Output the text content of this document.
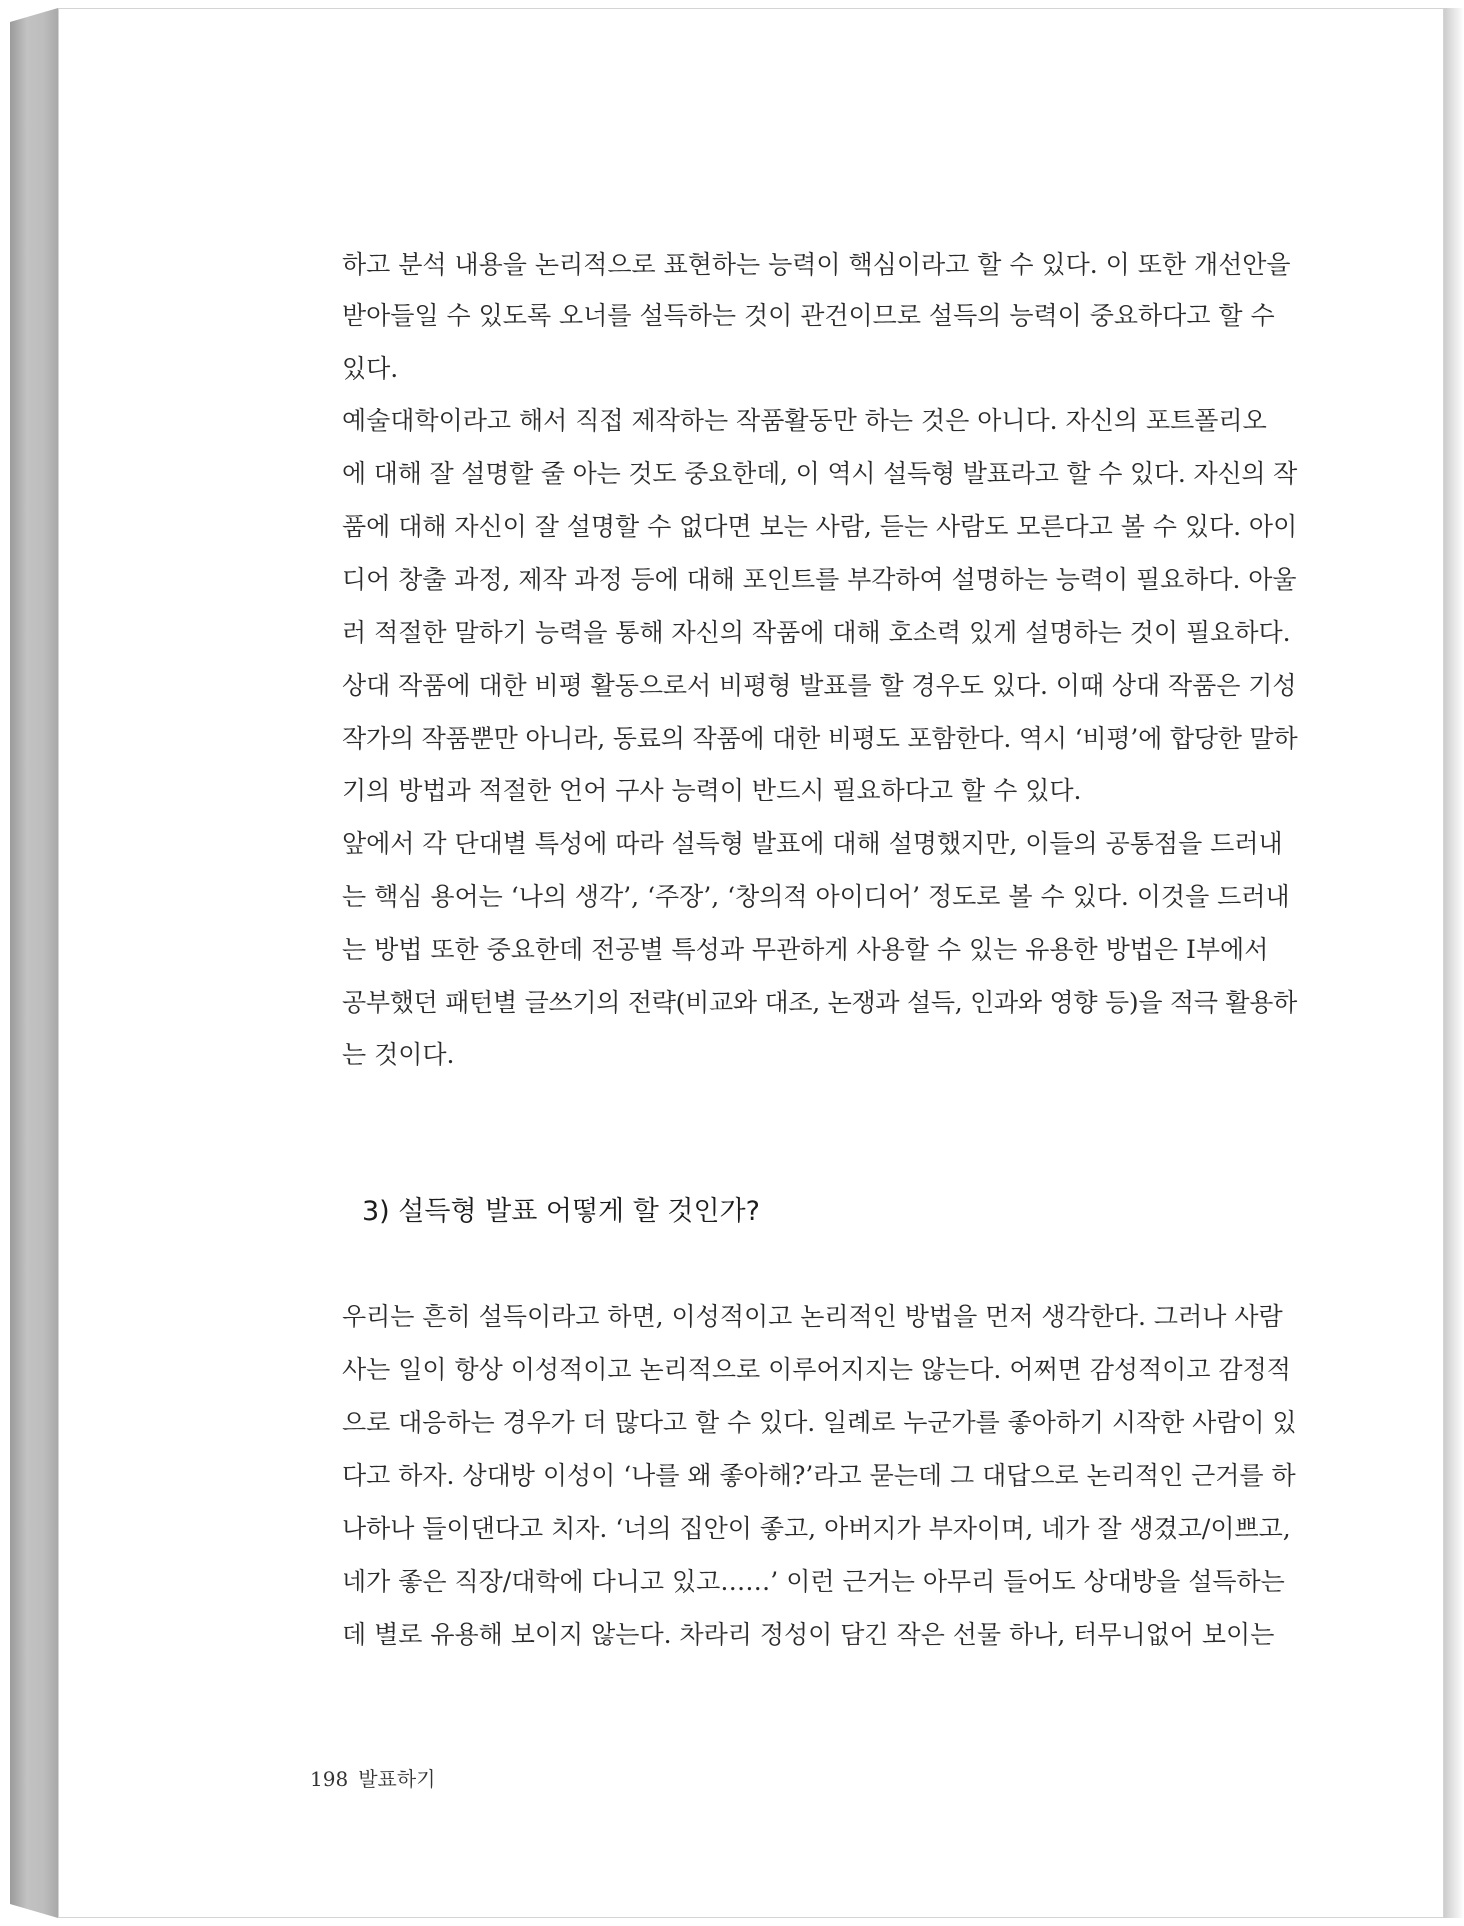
하고 분석 내용을 논리적으로 표현하는 능력이 핵심이라고 할 수 있다. 이 또한 개선안을
받아들일 수 있도록 오너를 설득하는 것이 관건이므로 설득의 능력이 중요하다고 할 수
있다.
예술대학이라고 해서 직접 제작하는 작품활동만 하는 것은 아니다. 자신의 포트폴리오
에 대해 잘 설명할 줄 아는 것도 중요한데, 이 역시 설득형 발표라고 할 수 있다. 자신의 작
품에 대해 자신이 잘 설명할 수 없다면 보는 사람, 듣는 사람도 모른다고 볼 수 있다. 아이
디어 창출 과정, 제작 과정 등에 대해 포인트를 부각하여 설명하는 능력이 필요하다. 아울
러 적절한 말하기 능력을 통해 자신의 작품에 대해 호소력 있게 설명하는 것이 필요하다.
상대 작품에 대한 비평 활동으로서 비평형 발표를 할 경우도 있다. 이때 상대 작품은 기성
작가의 작품뿐만 아니라, 동료의 작품에 대한 비평도 포함한다. 역시 ‘비평’에 합당한 말하
기의 방법과 적절한 언어 구사 능력이 반드시 필요하다고 할 수 있다.
앞에서 각 단대별 특성에 따라 설득형 발표에 대해 설명했지만, 이들의 공통점을 드러내
는 핵심 용어는 ‘나의 생각’, ‘주장’, ‘창의적 아이디어’ 정도로 볼 수 있다. 이것을 드러내
는 방법 또한 중요한데 전공별 특성과 무관하게 사용할 수 있는 유용한 방법은 Ⅰ부에서
공부했던 패턴별 글쓰기의 전략(비교와 대조, 논쟁과 설득, 인과와 영향 등)을 적극 활용하
는 것이다.
3) 설득형 발표 어떻게 할 것인가?
우리는 흔히 설득이라고 하면, 이성적이고 논리적인 방법을 먼저 생각한다. 그러나 사람
사는 일이 항상 이성적이고 논리적으로 이루어지지는 않는다. 어쩌면 감성적이고 감정적
으로 대응하는 경우가 더 많다고 할 수 있다. 일례로 누군가를 좋아하기 시작한 사람이 있
다고 하자. 상대방 이성이 ‘나를 왜 좋아해?’라고 묻는데 그 대답으로 논리적인 근거를 하
나하나 들이댄다고 치자. ‘너의 집안이 좋고, 아버지가 부자이며, 네가 잘 생겼고/이쁘고,
네가 좋은 직장/대학에 다니고 있고……’ 이런 근거는 아무리 들어도 상대방을 설득하는
데 별로 유용해 보이지 않는다. 차라리 정성이 담긴 작은 선물 하나, 터무니없어 보이는
198 발표하기
